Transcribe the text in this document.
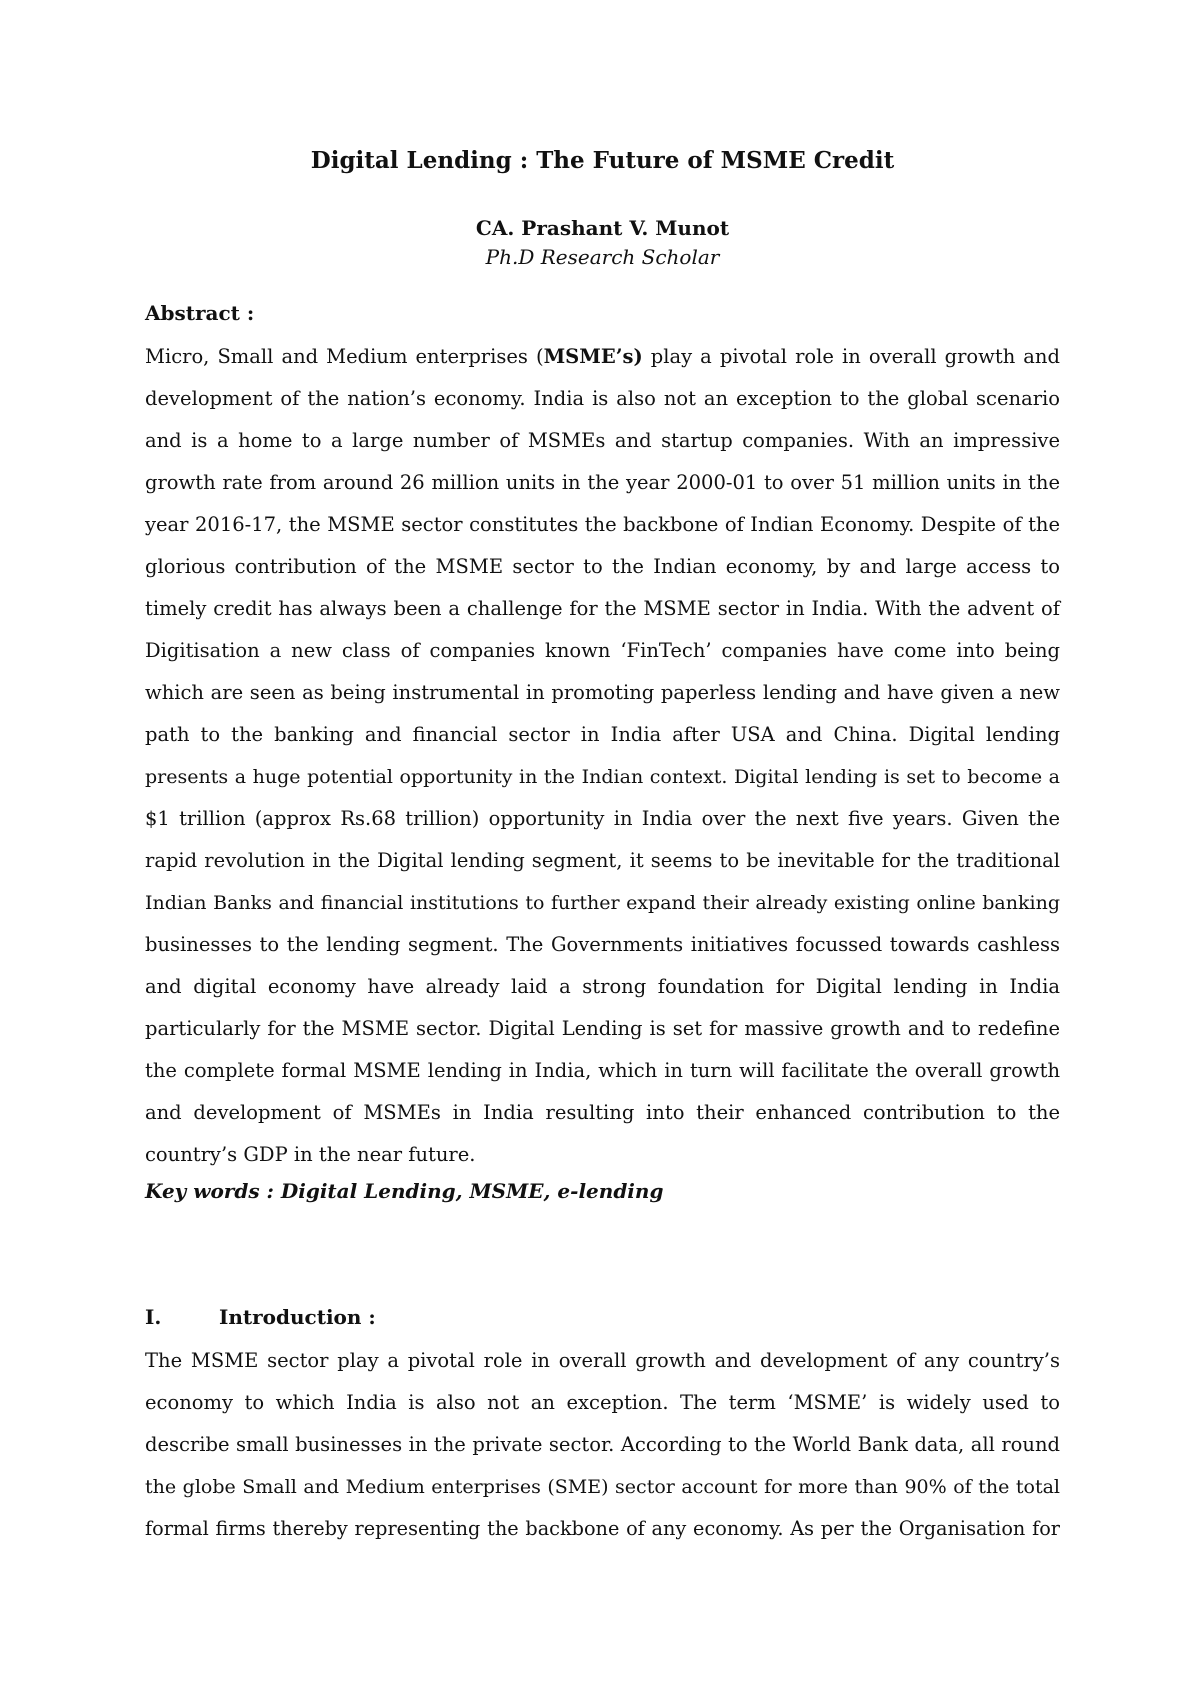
Digital Lending : The Future of MSME Credit
CA. Prashant V. Munot
Ph.D Research Scholar
Abstract :
Micro, Small and Medium enterprises (MSME’s) play a pivotal role in overall growth and
development of the nation’s economy. India is also not an exception to the global scenario
and is a home to a large number of MSMEs and startup companies. With an impressive
growth rate from around 26 million units in the year 2000-01 to over 51 million units in the
year 2016-17, the MSME sector constitutes the backbone of Indian Economy. Despite of the
glorious contribution of the MSME sector to the Indian economy, by and large access to
timely credit has always been a challenge for the MSME sector in India. With the advent of
Digitisation a new class of companies known ‘FinTech’ companies have come into being
which are seen as being instrumental in promoting paperless lending and have given a new
path to the banking and financial sector in India after USA and China. Digital lending
presents a huge potential opportunity in the Indian context. Digital lending is set to become a
$1 trillion (approx Rs.68 trillion) opportunity in India over the next five years. Given the
rapid revolution in the Digital lending segment, it seems to be inevitable for the traditional
Indian Banks and financial institutions to further expand their already existing online banking
businesses to the lending segment. The Governments initiatives focussed towards cashless
and digital economy have already laid a strong foundation for Digital lending in India
particularly for the MSME sector. Digital Lending is set for massive growth and to redefine
the complete formal MSME lending in India, which in turn will facilitate the overall growth
and development of MSMEs in India resulting into their enhanced contribution to the
country’s GDP in the near future.
Key words : Digital Lending, MSME, e-lending
I.	Introduction :
The MSME sector play a pivotal role in overall growth and development of any country’s
economy to which India is also not an exception. The term ‘MSME’ is widely used to
describe small businesses in the private sector. According to the World Bank data, all round
the globe Small and Medium enterprises (SME) sector account for more than 90% of the total
formal firms thereby representing the backbone of any economy. As per the Organisation for
